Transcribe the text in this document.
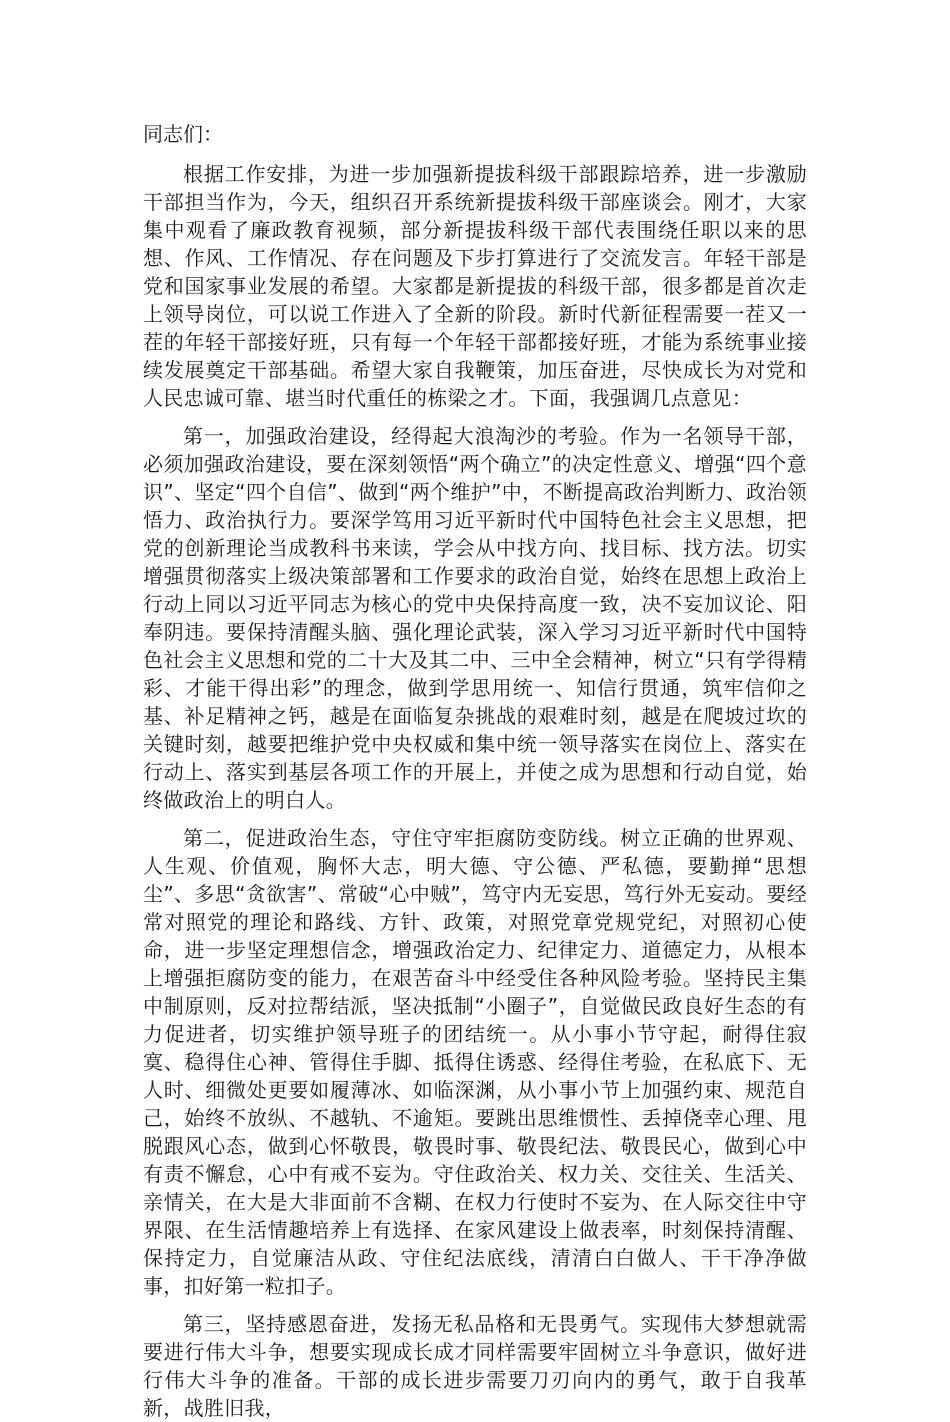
同志们：

根据工作安排，为进一步加强新提拔科级干部跟踪培养，进一步激励干部担当作为，今天，组织召开系统新提拔科级干部座谈会。刚才，大家集中观看了廉政教育视频，部分新提拔科级干部代表围绕任职以来的思想、作风、工作情况、存在问题及下步打算进行了交流发言。年轻干部是党和国家事业发展的希望。大家都是新提拔的科级干部，很多都是首次走上领导岗位，可以说工作进入了全新的阶段。新时代新征程需要一茬又一茬的年轻干部接好班，只有每一个年轻干部都接好班，才能为系统事业接续发展奠定干部基础。希望大家自我鞭策，加压奋进，尽快成长为对党和人民忠诚可靠、堪当时代重任的栋梁之才。下面，我强调几点意见：

第一，加强政治建设，经得起大浪淘沙的考验。作为一名领导干部，必须加强政治建设，要在深刻领悟“两个确立”的决定性意义、增强“四个意识”、坚定“四个自信”、做到“两个维护”中，不断提高政治判断力、政治领悟力、政治执行力。要深学笃用习近平新时代中国特色社会主义思想，把党的创新理论当成教科书来读，学会从中找方向、找目标、找方法。切实增强贯彻落实上级决策部署和工作要求的政治自觉，始终在思想上政治上行动上同以习近平同志为核心的党中央保持高度一致，决不妄加议论、阳奉阴违。要保持清醒头脑、强化理论武装，深入学习习近平新时代中国特色社会主义思想和党的二十大及其二中、三中全会精神，树立“只有学得精彩、才能干得出彩”的理念，做到学思用统一、知信行贯通，筑牢信仰之基、补足精神之钙，越是在面临复杂挑战的艰难时刻，越是在爬坡过坎的关键时刻，越要把维护党中央权威和集中统一领导落实在岗位上、落实在行动上、落实到基层各项工作的开展上，并使之成为思想和行动自觉，始终做政治上的明白人。

第二，促进政治生态，守住守牢拒腐防变防线。树立正确的世界观、人生观、价值观，胸怀大志，明大德、守公德、严私德，要勤掸“思想尘”、多思“贪欲害”、常破“心中贼”，笃守内无妄思，笃行外无妄动。要经常对照党的理论和路线、方针、政策，对照党章党规党纪，对照初心使命，进一步坚定理想信念，增强政治定力、纪律定力、道德定力，从根本上增强拒腐防变的能力，在艰苦奋斗中经受住各种风险考验。坚持民主集中制原则，反对拉帮结派，坚决抵制“小圈子”，自觉做民政良好生态的有力促进者，切实维护领导班子的团结统一。从小事小节守起，耐得住寂寞、稳得住心神、管得住手脚、抵得住诱惑、经得住考验，在私底下、无人时、细微处更要如履薄冰、如临深渊，从小事小节上加强约束、规范自己，始终不放纵、不越轨、不逾矩。要跳出思维惯性、丢掉侥幸心理、甩脱跟风心态，做到心怀敬畏，敬畏时事、敬畏纪法、敬畏民心，做到心中有责不懈怠，心中有戒不妄为。守住政治关、权力关、交往关、生活关、亲情关，在大是大非面前不含糊、在权力行使时不妄为、在人际交往中守界限、在生活情趣培养上有选择、在家风建设上做表率，时刻保持清醒、保持定力，自觉廉洁从政、守住纪法底线，清清白白做人、干干净净做事，扣好第一粒扣子。

第三，坚持感恩奋进，发扬无私品格和无畏勇气。实现伟大梦想就需要进行伟大斗争，想要实现成长成才同样需要牢固树立斗争意识，做好进行伟大斗争的准备。干部的成长进步需要刀刃向内的勇气，敢于自我革新，战胜旧我，
